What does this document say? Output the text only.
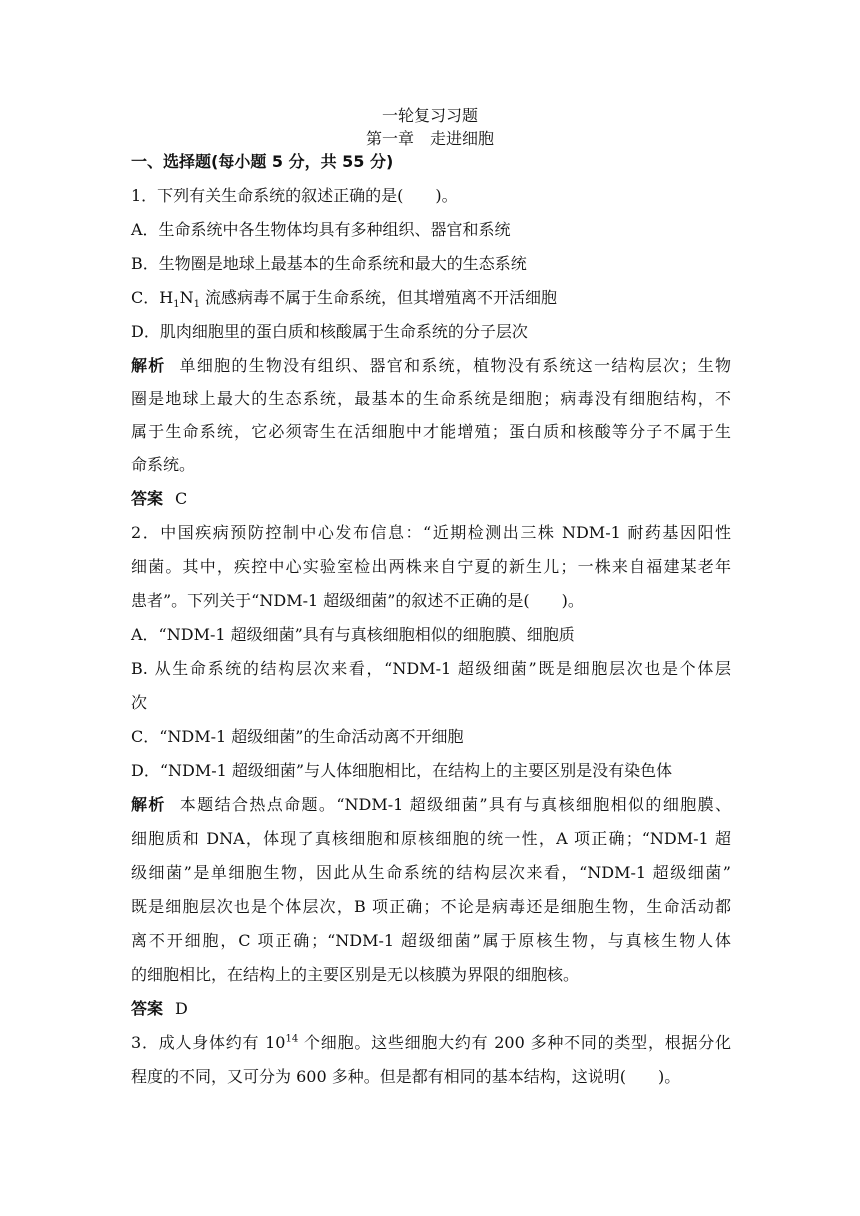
一轮复习习题
第一章　走进细胞
一、选择题(每小题 5 分，共 55 分)
1．下列有关生命系统的叙述正确的是(　　)。
A．生命系统中各生物体均具有多种组织、器官和系统
B．生物圈是地球上最基本的生命系统和最大的生态系统
C．$H_1N_1$ 流感病毒不属于生命系统，但其增殖离不开活细胞
D．肌肉细胞里的蛋白质和核酸属于生命系统的分子层次
解析 单细胞的生物没有组织、器官和系统，植物没有系统这一结构层次；生物
圈是地球上最大的生态系统，最基本的生命系统是细胞；病毒没有细胞结构，不
属于生命系统，它必须寄生在活细胞中才能增殖；蛋白质和核酸等分子不属于生
命系统。
答案 C
2．中国疾病预防控制中心发布信息：“近期检测出三株 NDM-1 耐药基因阳性
细菌。其中，疾控中心实验室检出两株来自宁夏的新生儿；一株来自福建某老年
患者”。下列关于“NDM-1 超级细菌”的叙述不正确的是(　　)。
A．“NDM-1 超级细菌”具有与真核细胞相似的细胞膜、细胞质
B. 从生命系统的结构层次来看，“NDM-1 超级细菌”既是细胞层次也是个体层
次
C．“NDM-1 超级细菌”的生命活动离不开细胞
D．“NDM-1 超级细菌”与人体细胞相比，在结构上的主要区别是没有染色体
解析 本题结合热点命题。“NDM-1 超级细菌”具有与真核细胞相似的细胞膜、
细胞质和 DNA，体现了真核细胞和原核细胞的统一性，A 项正确；“NDM-1 超
级细菌”是单细胞生物，因此从生命系统的结构层次来看，“NDM-1 超级细菌”
既是细胞层次也是个体层次，B 项正确；不论是病毒还是细胞生物，生命活动都
离不开细胞，C 项正确；“NDM-1 超级细菌”属于原核生物，与真核生物人体
的细胞相比，在结构上的主要区别是无以核膜为界限的细胞核。
答案 D
3．成人身体约有 $10^{14}$ 个细胞。这些细胞大约有 200 多种不同的类型，根据分化
程度的不同，又可分为 600 多种。但是都有相同的基本结构，这说明(　　)。
